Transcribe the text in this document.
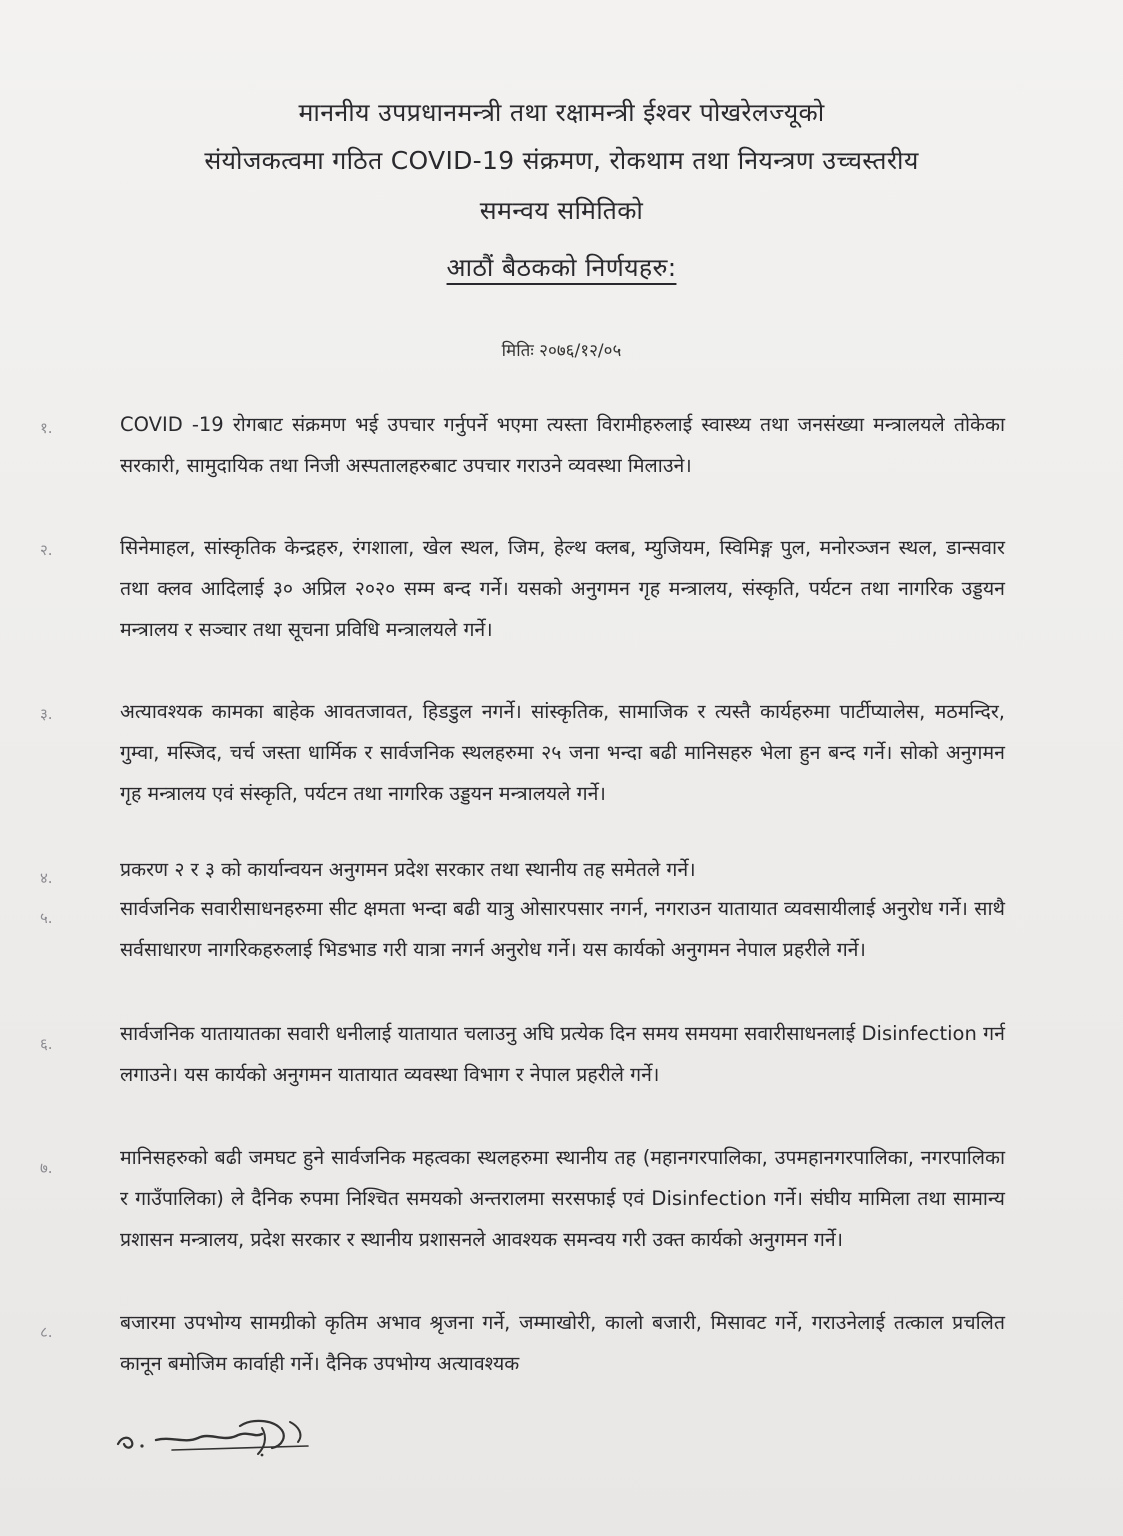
माननीय उपप्रधानमन्त्री तथा रक्षामन्त्री ईश्वर पोखरेलज्यूको
संयोजकत्वमा गठित COVID-19 संक्रमण, रोकथाम तथा नियन्त्रण उच्चस्तरीय
समन्वय समितिको
आठौं बैठकको निर्णयहरु:
मितिः २०७६/१२/०५
१.	COVID -19 रोगबाट संक्रमण भई उपचार गर्नुपर्ने भएमा त्यस्ता विरामीहरुलाई स्वास्थ्य तथा जनसंख्या मन्त्रालयले तोकेका सरकारी, सामुदायिक तथा निजी अस्पतालहरुबाट उपचार गराउने व्यवस्था मिलाउने।

२.	सिनेमाहल, सांस्कृतिक केन्द्रहरु, रंगशाला, खेल स्थल, जिम, हेल्थ क्लब, म्युजियम, स्विमिङ्ग पुल, मनोरञ्जन स्थल, डान्सवार तथा क्लव आदिलाई ३० अप्रिल २०२० सम्म बन्द गर्ने। यसको अनुगमन गृह मन्त्रालय, संस्कृति, पर्यटन तथा नागरिक उड्डयन मन्त्रालय र सञ्चार तथा सूचना प्रविधि मन्त्रालयले गर्ने।

३.	अत्यावश्यक कामका बाहेक आवतजावत, हिडडुल नगर्ने। सांस्कृतिक, सामाजिक र त्यस्तै कार्यहरुमा पार्टीप्यालेस, मठमन्दिर, गुम्वा, मस्जिद, चर्च जस्ता धार्मिक र सार्वजनिक स्थलहरुमा २५ जना भन्दा बढी मानिसहरु भेला हुन बन्द गर्ने। सोको अनुगमन गृह मन्त्रालय एवं संस्कृति, पर्यटन तथा नागरिक उड्डयन मन्त्रालयले गर्ने।

४.	प्रकरण २ र ३ को कार्यान्वयन अनुगमन प्रदेश सरकार तथा स्थानीय तह समेतले गर्ने।

५.	सार्वजनिक सवारीसाधनहरुमा सीट क्षमता भन्दा बढी यात्रु ओसारपसार नगर्न, नगराउन यातायात व्यवसायीलाई अनुरोध गर्ने। साथै सर्वसाधारण नागरिकहरुलाई भिडभाड गरी यात्रा नगर्न अनुरोध गर्ने। यस कार्यको अनुगमन नेपाल प्रहरीले गर्ने।

६.	सार्वजनिक यातायातका सवारी धनीलाई यातायात चलाउनु अघि प्रत्येक दिन समय समयमा सवारीसाधनलाई Disinfection गर्न लगाउने। यस कार्यको अनुगमन यातायात व्यवस्था विभाग र नेपाल प्रहरीले गर्ने।

७.	मानिसहरुको बढी जमघट हुने सार्वजनिक महत्वका स्थलहरुमा स्थानीय तह (महानगरपालिका, उपमहानगरपालिका, नगरपालिका र गाउँपालिका) ले दैनिक रुपमा निश्चित समयको अन्तरालमा सरसफाई एवं Disinfection गर्ने। संघीय मामिला तथा सामान्य प्रशासन मन्त्रालय, प्रदेश सरकार र स्थानीय प्रशासनले आवश्यक समन्वय गरी उक्त कार्यको अनुगमन गर्ने।

८.	बजारमा उपभोग्य सामग्रीको कृतिम अभाव श्रृजना गर्ने, जम्माखोरी, कालो बजारी, मिसावट गर्ने, गराउनेलाई तत्काल प्रचलित कानून बमोजिम कार्वाही गर्ने। दैनिक उपभोग्य अत्यावश्यक
